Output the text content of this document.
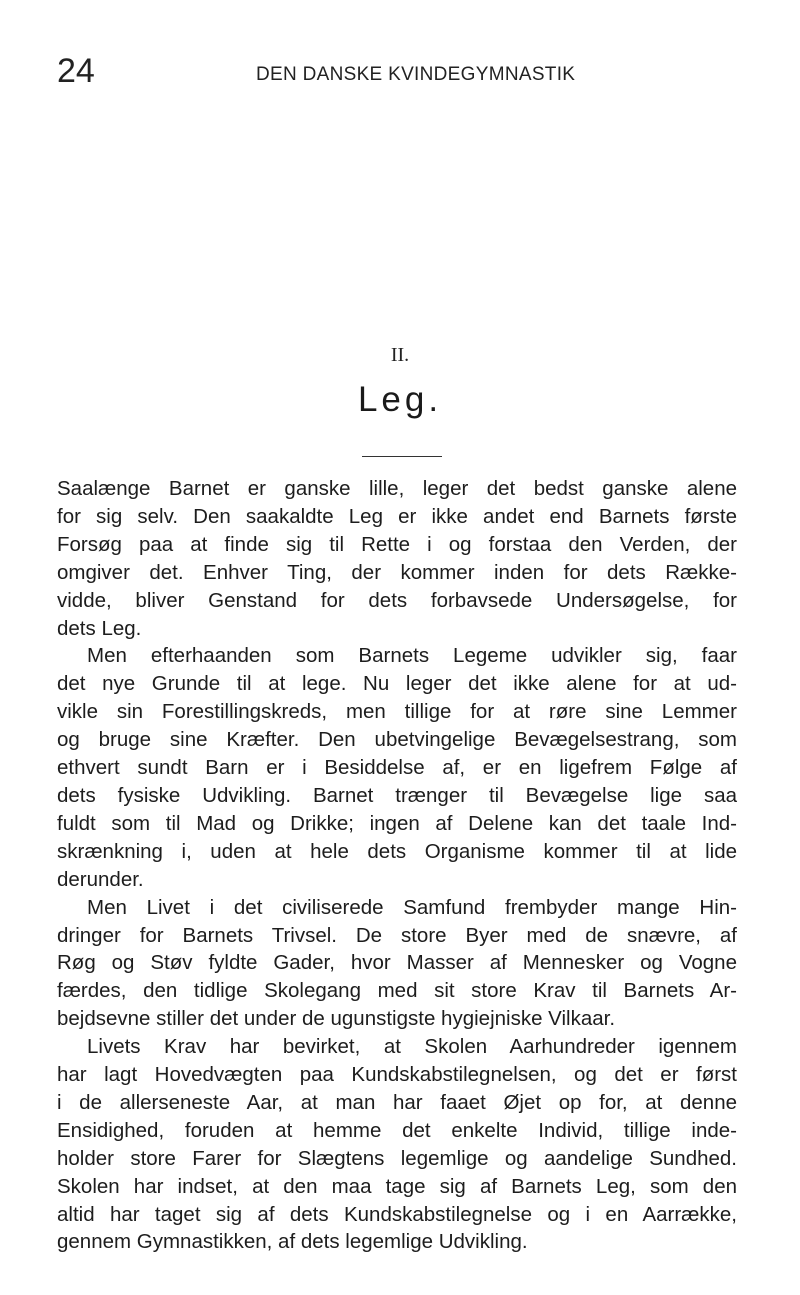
24	DEN DANSKE KVINDEGYMNASTIK
II.
Leg.
Saalænge Barnet er ganske lille, leger det bedst ganske alene
for sig selv. Den saakaldte Leg er ikke andet end Barnets første
Forsøg paa at finde sig til Rette i og forstaa den Verden, der
omgiver det. Enhver Ting, der kommer inden for dets Række-
vidde, bliver Genstand for dets forbavsede Undersøgelse, for
dets Leg.
Men efterhaanden som Barnets Legeme udvikler sig, faar
det nye Grunde til at lege. Nu leger det ikke alene for at ud-
vikle sin Forestillingskreds, men tillige for at røre sine Lemmer
og bruge sine Kræfter. Den ubetvingelige Bevægelsestrang, som
ethvert sundt Barn er i Besiddelse af, er en ligefrem Følge af
dets fysiske Udvikling. Barnet trænger til Bevægelse lige saa
fuldt som til Mad og Drikke; ingen af Delene kan det taale Ind-
skrænkning i, uden at hele dets Organisme kommer til at lide
derunder.
Men Livet i det civiliserede Samfund frembyder mange Hin-
dringer for Barnets Trivsel. De store Byer med de snævre, af
Røg og Støv fyldte Gader, hvor Masser af Mennesker og Vogne
færdes, den tidlige Skolegang med sit store Krav til Barnets Ar-
bejdsevne stiller det under de ugunstigste hygiejniske Vilkaar.
Livets Krav har bevirket, at Skolen Aarhundreder igennem
har lagt Hovedvægten paa Kundskabstilegnelsen, og det er først
i de allerseneste Aar, at man har faaet Øjet op for, at denne
Ensidighed, foruden at hemme det enkelte Individ, tillige inde-
holder store Farer for Slægtens legemlige og aandelige Sundhed.
Skolen har indset, at den maa tage sig af Barnets Leg, som den
altid har taget sig af dets Kundskabstilegnelse og i en Aarrække,
gennem Gymnastikken, af dets legemlige Udvikling.
